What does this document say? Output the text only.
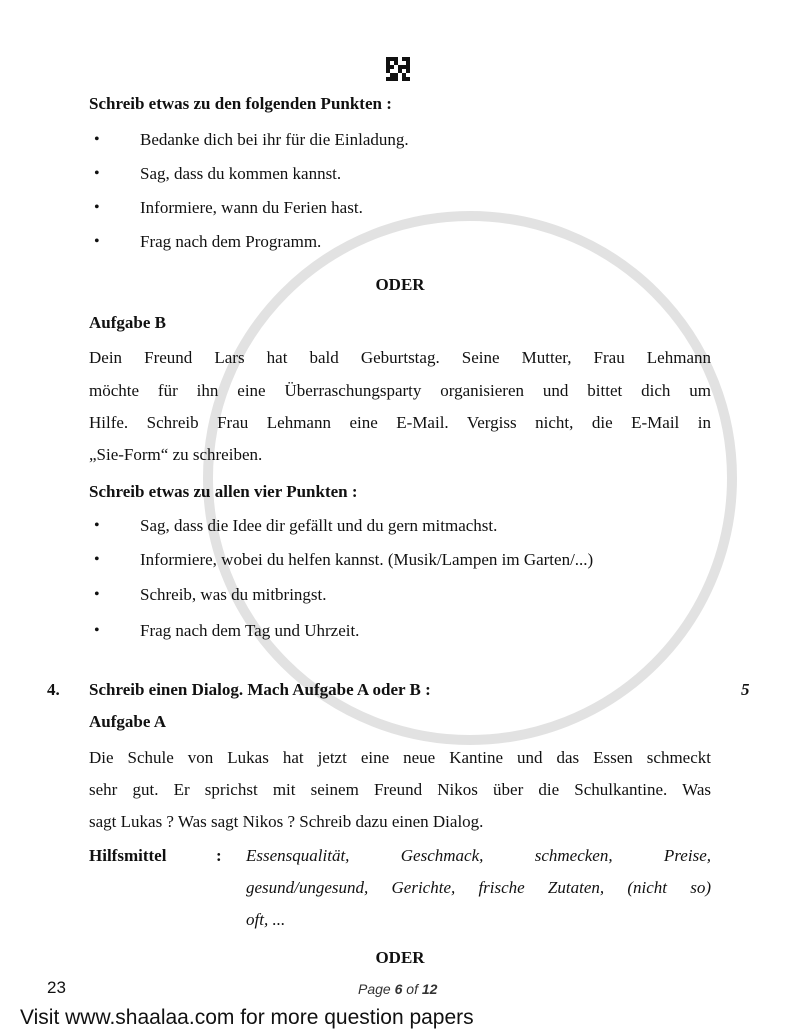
Schreib etwas zu den folgenden Punkten :
• Bedanke dich bei ihr für die Einladung.
• Sag, dass du kommen kannst.
• Informiere, wann du Ferien hast.
• Frag nach dem Programm.
ODER
Aufgabe B
Dein Freund Lars hat bald Geburtstag. Seine Mutter, Frau Lehmann
möchte für ihn eine Überraschungsparty organisieren und bittet dich um
Hilfe. Schreib Frau Lehmann eine E-Mail. Vergiss nicht, die E-Mail in
„Sie-Form“ zu schreiben.
Schreib etwas zu allen vier Punkten :
• Sag, dass die Idee dir gefällt und du gern mitmachst.
• Informiere, wobei du helfen kannst. (Musik/Lampen im Garten/...)
• Schreib, was du mitbringst.
• Frag nach dem Tag und Uhrzeit.
4. Schreib einen Dialog. Mach Aufgabe A oder B :	5
Aufgabe A
Die Schule von Lukas hat jetzt eine neue Kantine und das Essen schmeckt
sehr gut. Er sprichst mit seinem Freund Nikos über die Schulkantine. Was
sagt Lukas ? Was sagt Nikos ? Schreib dazu einen Dialog.
Hilfsmittel	: Essensqualität, Geschmack, schmecken, Preise,
gesund/ungesund, Gerichte, frische Zutaten, (nicht so)
oft, ...
ODER
23	Page 6 of 12
Visit www.shaalaa.com for more question papers
